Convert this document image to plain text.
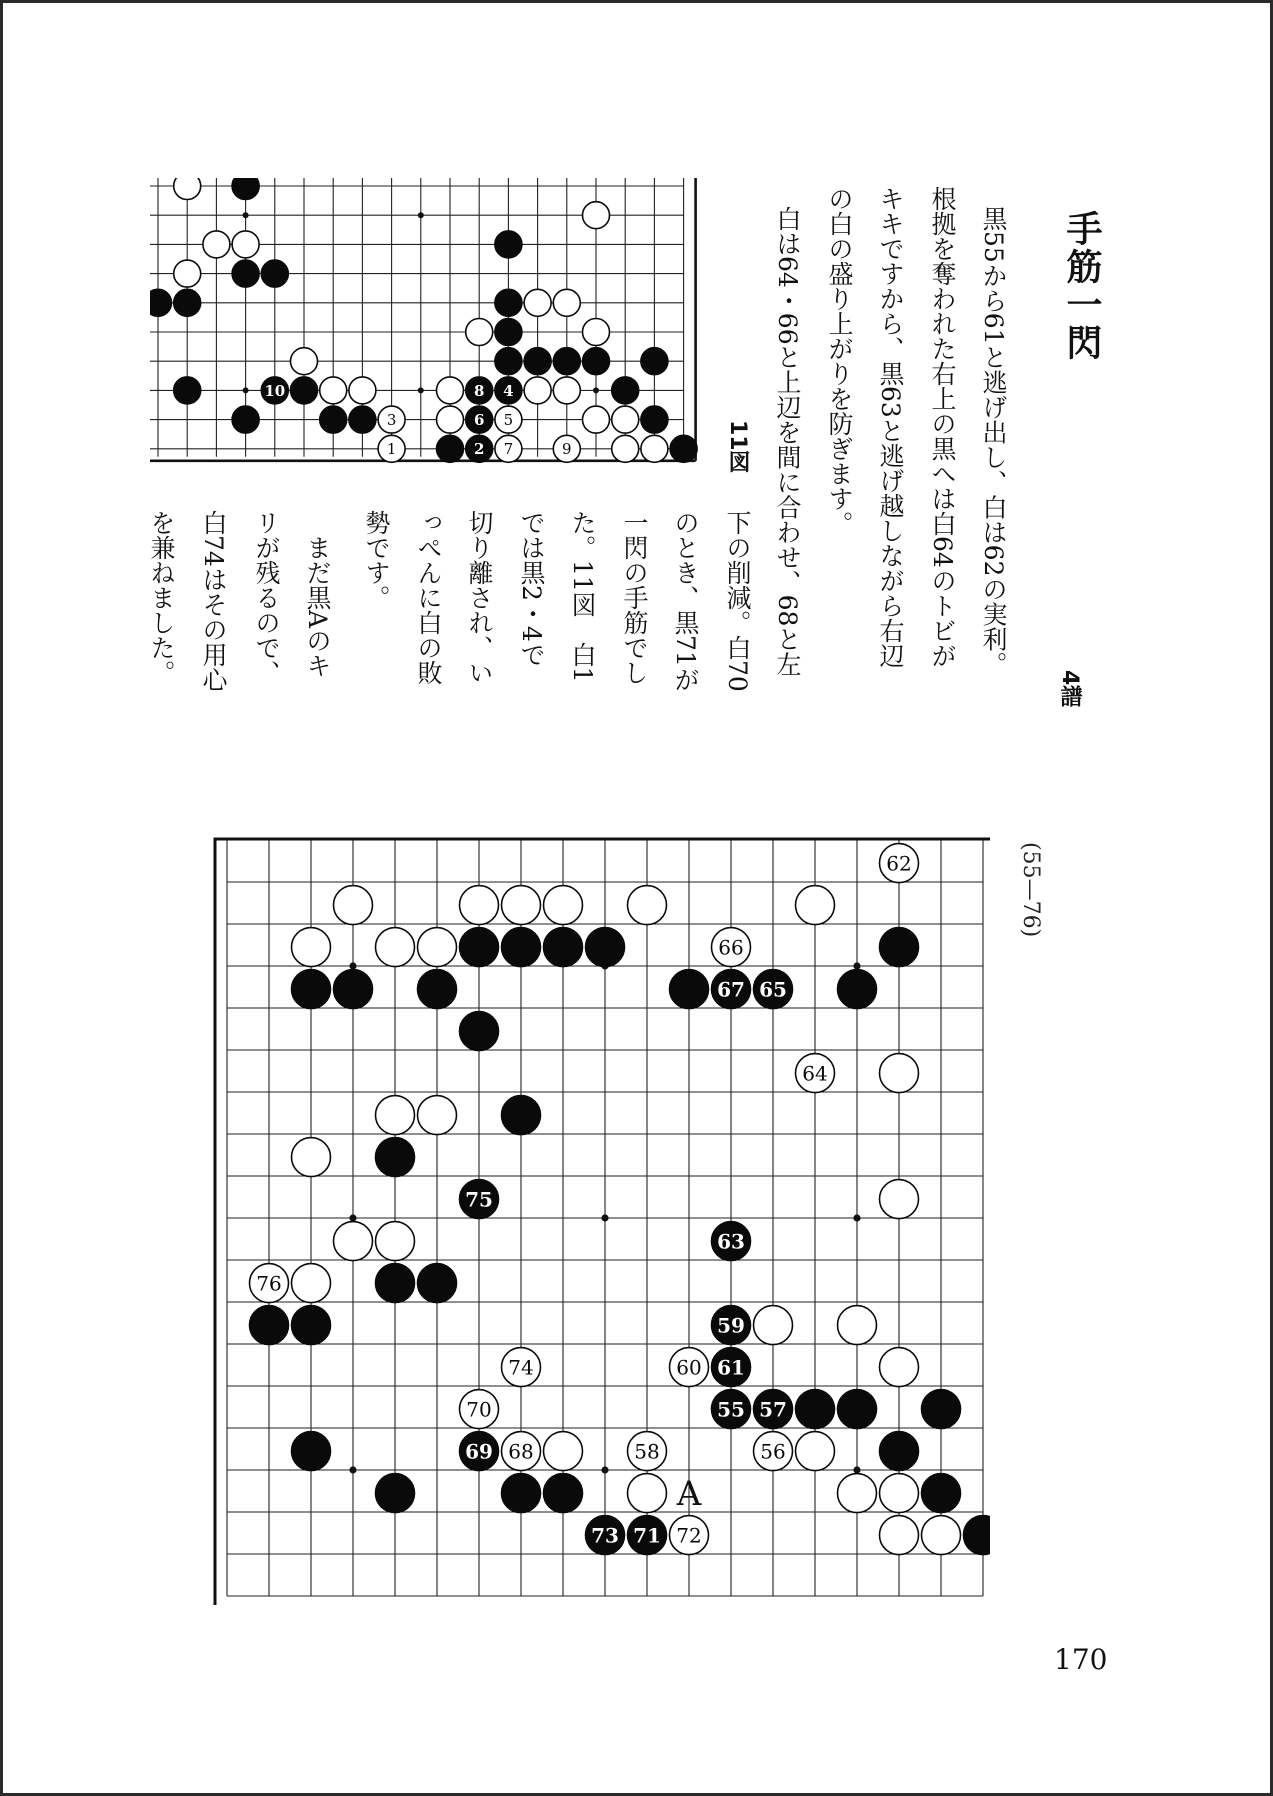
手筋一閃
黒55から61と逃げ出し、白は62の実利。
根拠を奪われた右上の黒へは白64のトビが
キキですから、黒63と逃げ越しながら右辺
の白の盛り上がりを防ぎます。
白は64・66と上辺を間に合わせ、68と左
4譜
(55—76)
11図
下の削減。白70
のとき、黒71が
一閃の手筋でし
た。11図　白1
では黒2・4で
切り離され、い
っぺんに白の敗
勢です。
　まだ黒Aのキ
リが残るので、
白74はその用心
を兼ねました。
170
10	8 4
3	6 5
1	2 7	9
62
66
67 65
64
75
63
76
59
74	60 61
70	55 57
69 68	58	56
73 71 72
A
